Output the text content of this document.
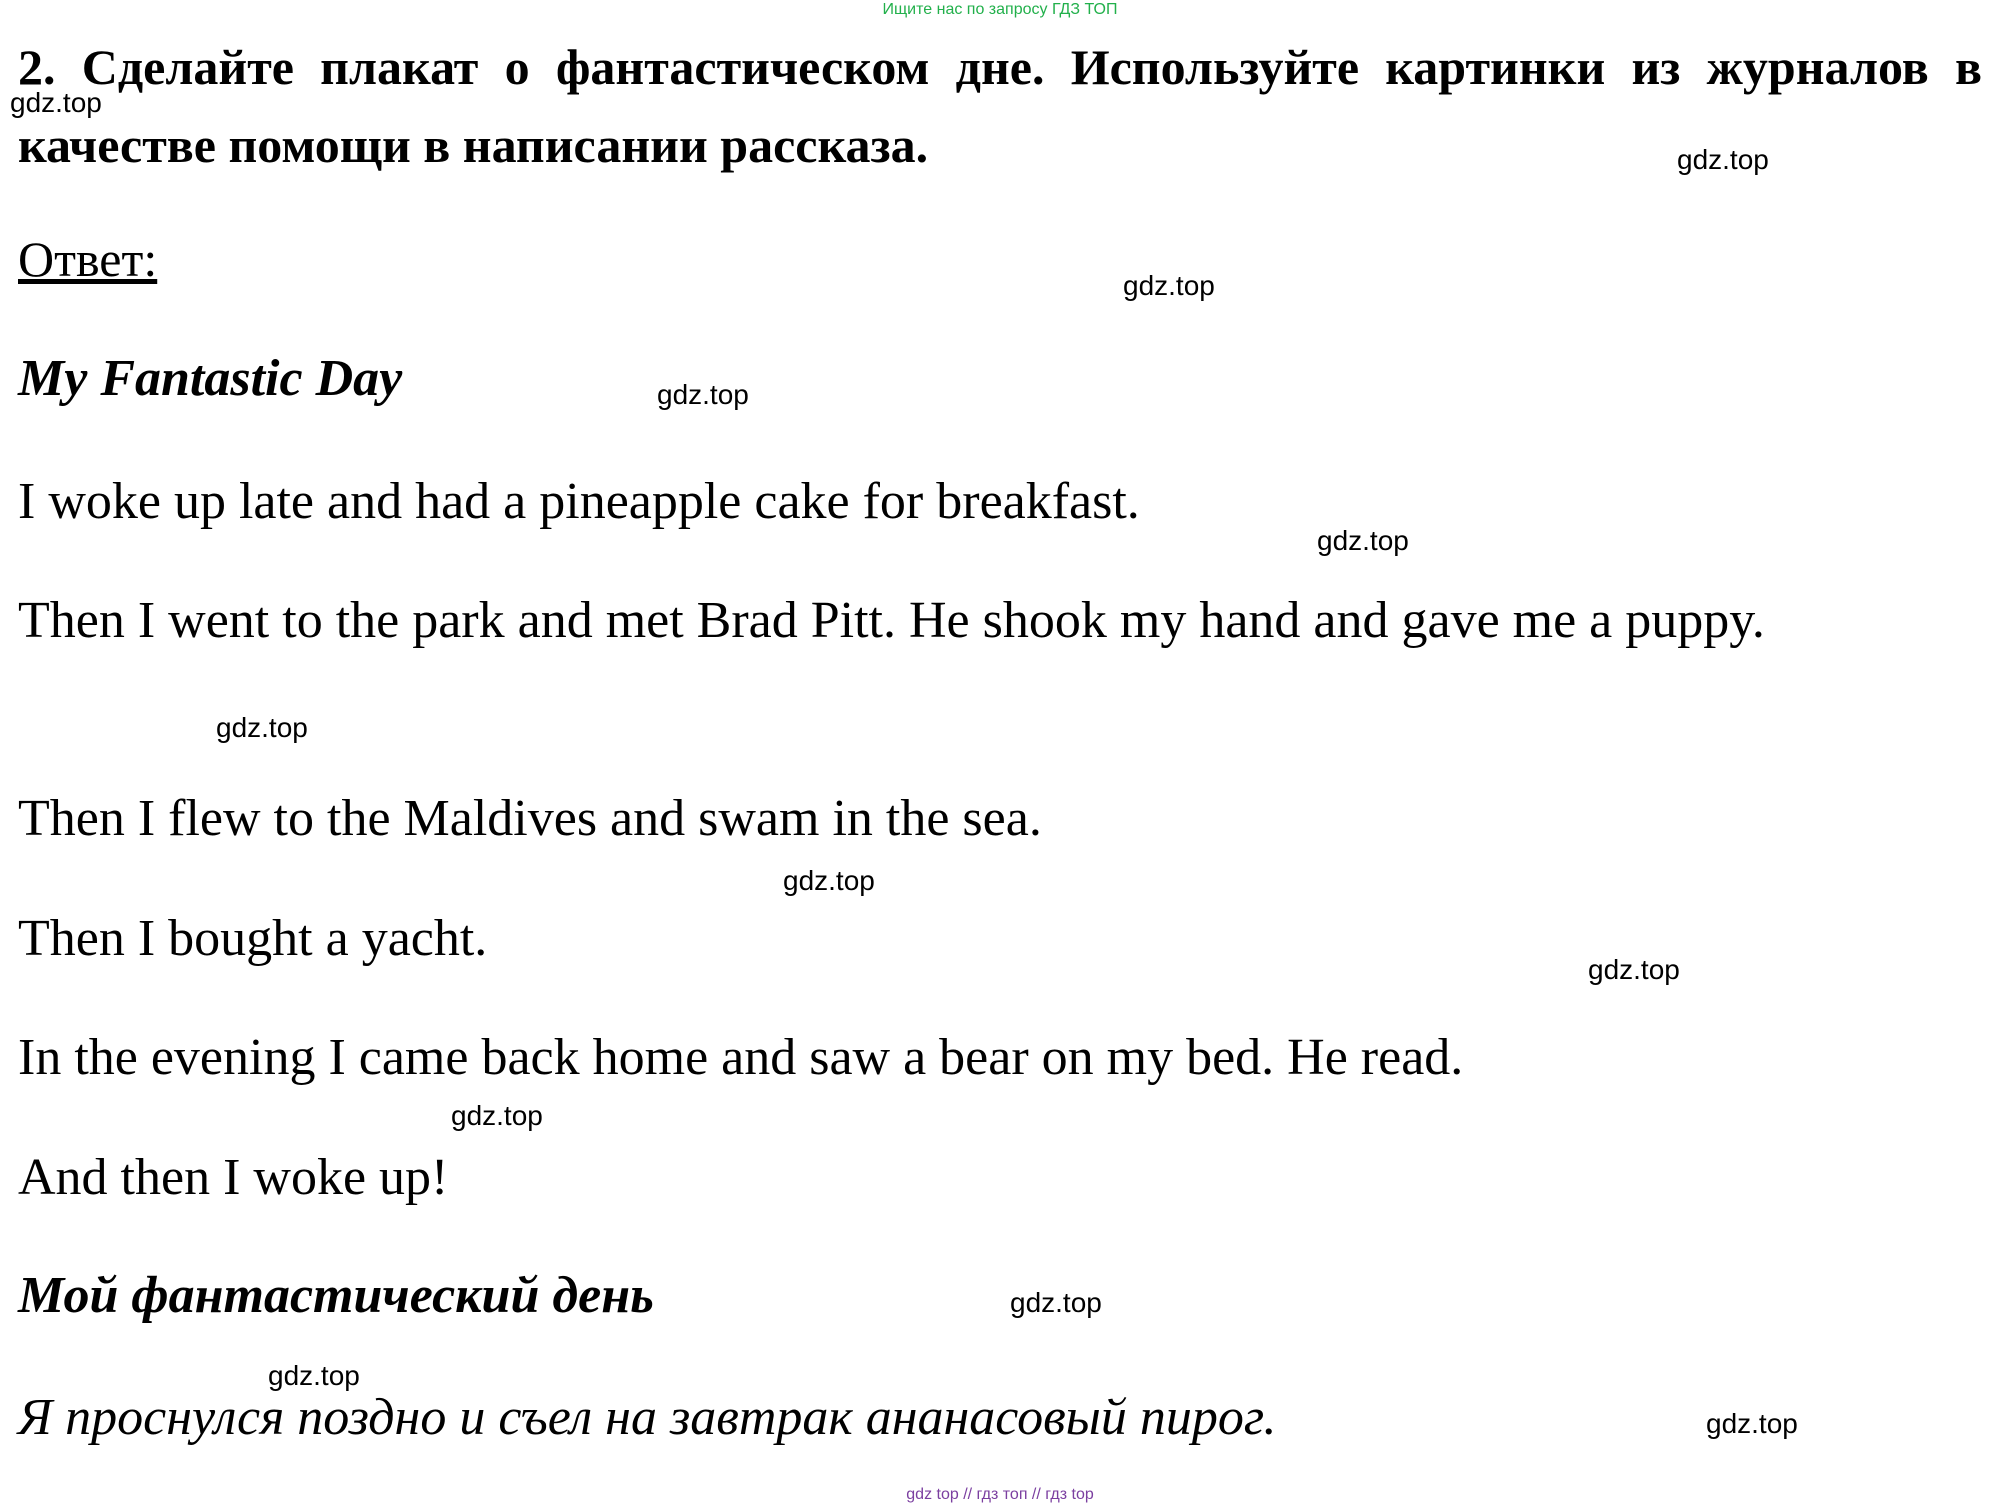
Ищите нас по запросу ГДЗ ТОП

2. Сделайте плакат о фантастическом дне. Используйте картинки из журналов в качестве помощи в написании рассказа.

Ответ:

My Fantastic Day

I woke up late and had a pineapple cake for breakfast.

Then I went to the park and met Brad Pitt. He shook my hand and gave me a puppy.

Then I flew to the Maldives and swam in the sea.

Then I bought a yacht.

In the evening I came back home and saw a bear on my bed. He read.

And then I woke up!

Мой фантастический день

Я проснулся поздно и съел на завтрак ананасовый пирог.

gdz.top
gdz.top
gdz.top
gdz.top
gdz.top
gdz.top
gdz.top
gdz.top
gdz.top
gdz.top
gdz.top
gdz.top
gdz top // гдз топ // гдз top
